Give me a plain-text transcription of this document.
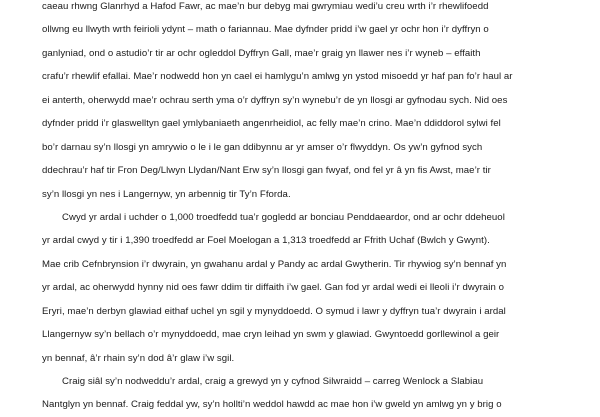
caeau rhwng Glanrhyd a Hafod Fawr, ac mae’n bur debyg mai gwrymiau wedi’u creu wrth i’r rhewlifoedd
ollwng eu llwyth wrth feirioli ydynt – math o fariannau. Mae dyfnder pridd i’w gael yr ochr hon i’r dyffryn o
ganlyniad, ond o astudio’r tir ar ochr ogleddol Dyffryn Gall, mae’r graig yn llawer nes i’r wyneb – effaith
crafu’r rhewlif efallai. Mae’r nodwedd hon yn cael ei hamlygu’n amlwg yn ystod misoedd yr haf pan fo’r haul ar
ei anterth, oherwydd mae’r ochrau serth yma o’r dyffryn sy’n wynebu’r de yn llosgi ar gyfnodau sych. Nid oes
dyfnder pridd i’r glaswelltyn gael ymlybaniaeth angenrheidiol, ac felly mae’n crino. Mae’n ddiddorol sylwi fel
bo’r darnau sy’n llosgi yn amrywio o le i le gan ddibynnu ar yr amser o’r flwyddyn. Os yw’n gyfnod sych
ddechrau’r haf tir Fron Deg/Llwyn Llydan/Nant Erw sy’n llosgi gan fwyaf, ond fel yr â yn fis Awst, mae’r tir
sy’n llosgi yn nes i Langernyw, yn arbennig tir Ty’n Fforda.
Cwyd yr ardal i uchder o 1,000 troedfedd tua’r gogledd ar bonciau Penddaeardor, ond ar ochr ddeheuol
yr ardal cwyd y tir i 1,390 troedfedd ar Foel Moelogan a 1,313 troedfedd ar Ffrith Uchaf (Bwlch y Gwynt).
Mae crib Cefnbrynsion i’r dwyrain, yn gwahanu ardal y Pandy ac ardal Gwytherin. Tir rhywiog sy’n bennaf yn
yr ardal, ac oherwydd hynny nid oes fawr ddim tir diffaith i’w gael. Gan fod yr ardal wedi ei lleoli i’r dwyrain o
Eryri, mae’n derbyn glawiad eithaf uchel yn sgil y mynyddoedd. O symud i lawr y dyffryn tua’r dwyrain i ardal
Llangernyw sy’n bellach o’r mynyddoedd, mae cryn leihad yn swm y glawiad. Gwyntoedd gorllewinol a geir
yn bennaf, â’r rhain sy’n dod â’r glaw i’w sgil.
Craig siâl sy’n nodweddu’r ardal, craig a grewyd yn y cyfnod Silwraidd – carreg Wenlock a Slabiau
Nantglyn yn bennaf. Craig feddal yw, sy’n hollti’n weddol hawdd ac mae hon i’w gweld yn amlwg yn y brig o
